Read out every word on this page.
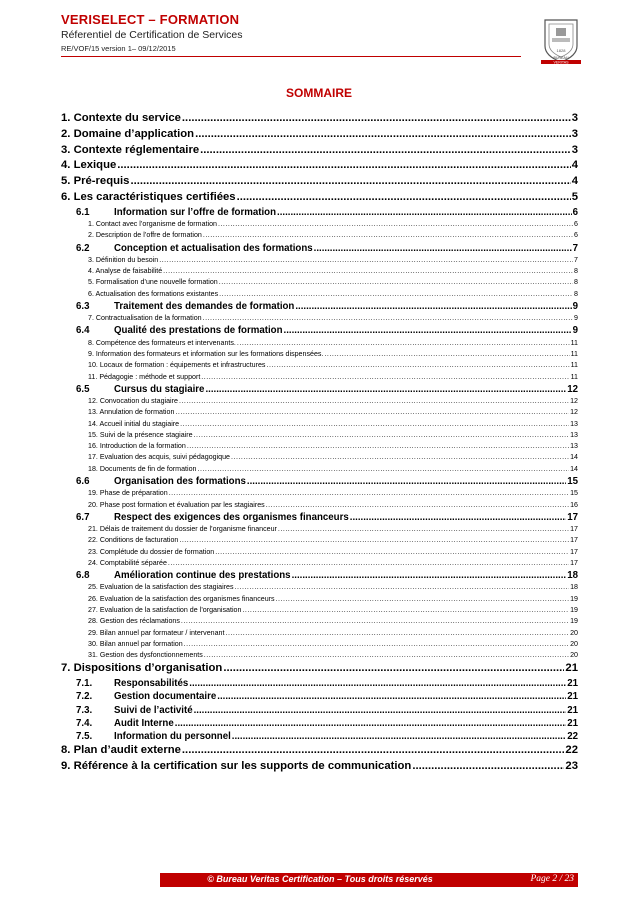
VERISELECT – FORMATION
Réferentiel de Certification de Services
RE/VOF/15 version 1– 09/12/2015	1828
BUREAU
VERITAS
SOMMAIRE
1. Contexte du service .....	3
2. Domaine d’application .....	3
3. Contexte réglementaire .....	3
4. Lexique .....	4
5. Pré-requis .....	4
6. Les caractéristiques certifiées .....	5
6.1	Information sur l’offre de formation .....	6
1. Contact avec l’organisme de formation .....	6
2. Description de l’offre de formation .....	6
6.2	Conception et actualisation des formations .....	7
3. Définition du besoin .....	7
4. Analyse de faisabilité .....	8
5. Formalisation d’une nouvelle formation .....	8
6. Actualisation des formations existantes .....	8
6.3	Traitement des demandes de formation .....	9
7. Contractualisation de la formation .....	9
6.4	Qualité des prestations de formation .....	9
8. Compétence des formateurs et intervenants. .....	11
9. Information des formateurs et information sur les formations dispensées. .....	11
10. Locaux de formation : équipements et infrastructures .....	11
11. Pédagogie : méthode et support .....	11
6.5	Cursus du stagiaire .....	12
12. Convocation du stagiaire .....	12
13. Annulation de formation .....	12
14. Accueil initial du stagiaire .....	13
15. Suivi de la présence stagiaire .....	13
16. Introduction de la formation .....	13
17. Evaluation des acquis, suivi pédagogique .....	14
18. Documents de fin de formation .....	14
6.6	Organisation des formations .....	15
19. Phase de préparation .....	15
20. Phase post formation et évaluation par les stagiaires .....	16
6.7	Respect des exigences des organismes financeurs .....	17
21. Délais de traitement du dossier de l’organisme financeur .....	17
22. Conditions de facturation .....	17
23. Complétude du dossier de formation .....	17
24. Comptabilité séparée .....	17
6.8	Amélioration continue des prestations .....	18
25. Evaluation de la satisfaction des stagiaires .....	18
26. Evaluation de la satisfaction des organismes financeurs .....	19
27. Evaluation de la satisfaction de l’organisation .....	19
28. Gestion des réclamations .....	19
29. Bilan annuel par formateur / intervenant .....	20
30. Bilan annuel par formation .....	20
31. Gestion des dysfonctionnements .....	20
7. Dispositions d’organisation .....	21
7.1. Responsabilités .....	21
7.2. Gestion documentaire .....	21
7.3. Suivi de l’activité .....	21
7.4. Audit Interne .....	21
7.5. Information du personnel .....	22
8. Plan d’audit externe .....	22
9. Référence à la certification sur les supports de communication .....	23
© Bureau Veritas Certification – Tous droits réservés	Page 2 / 23
